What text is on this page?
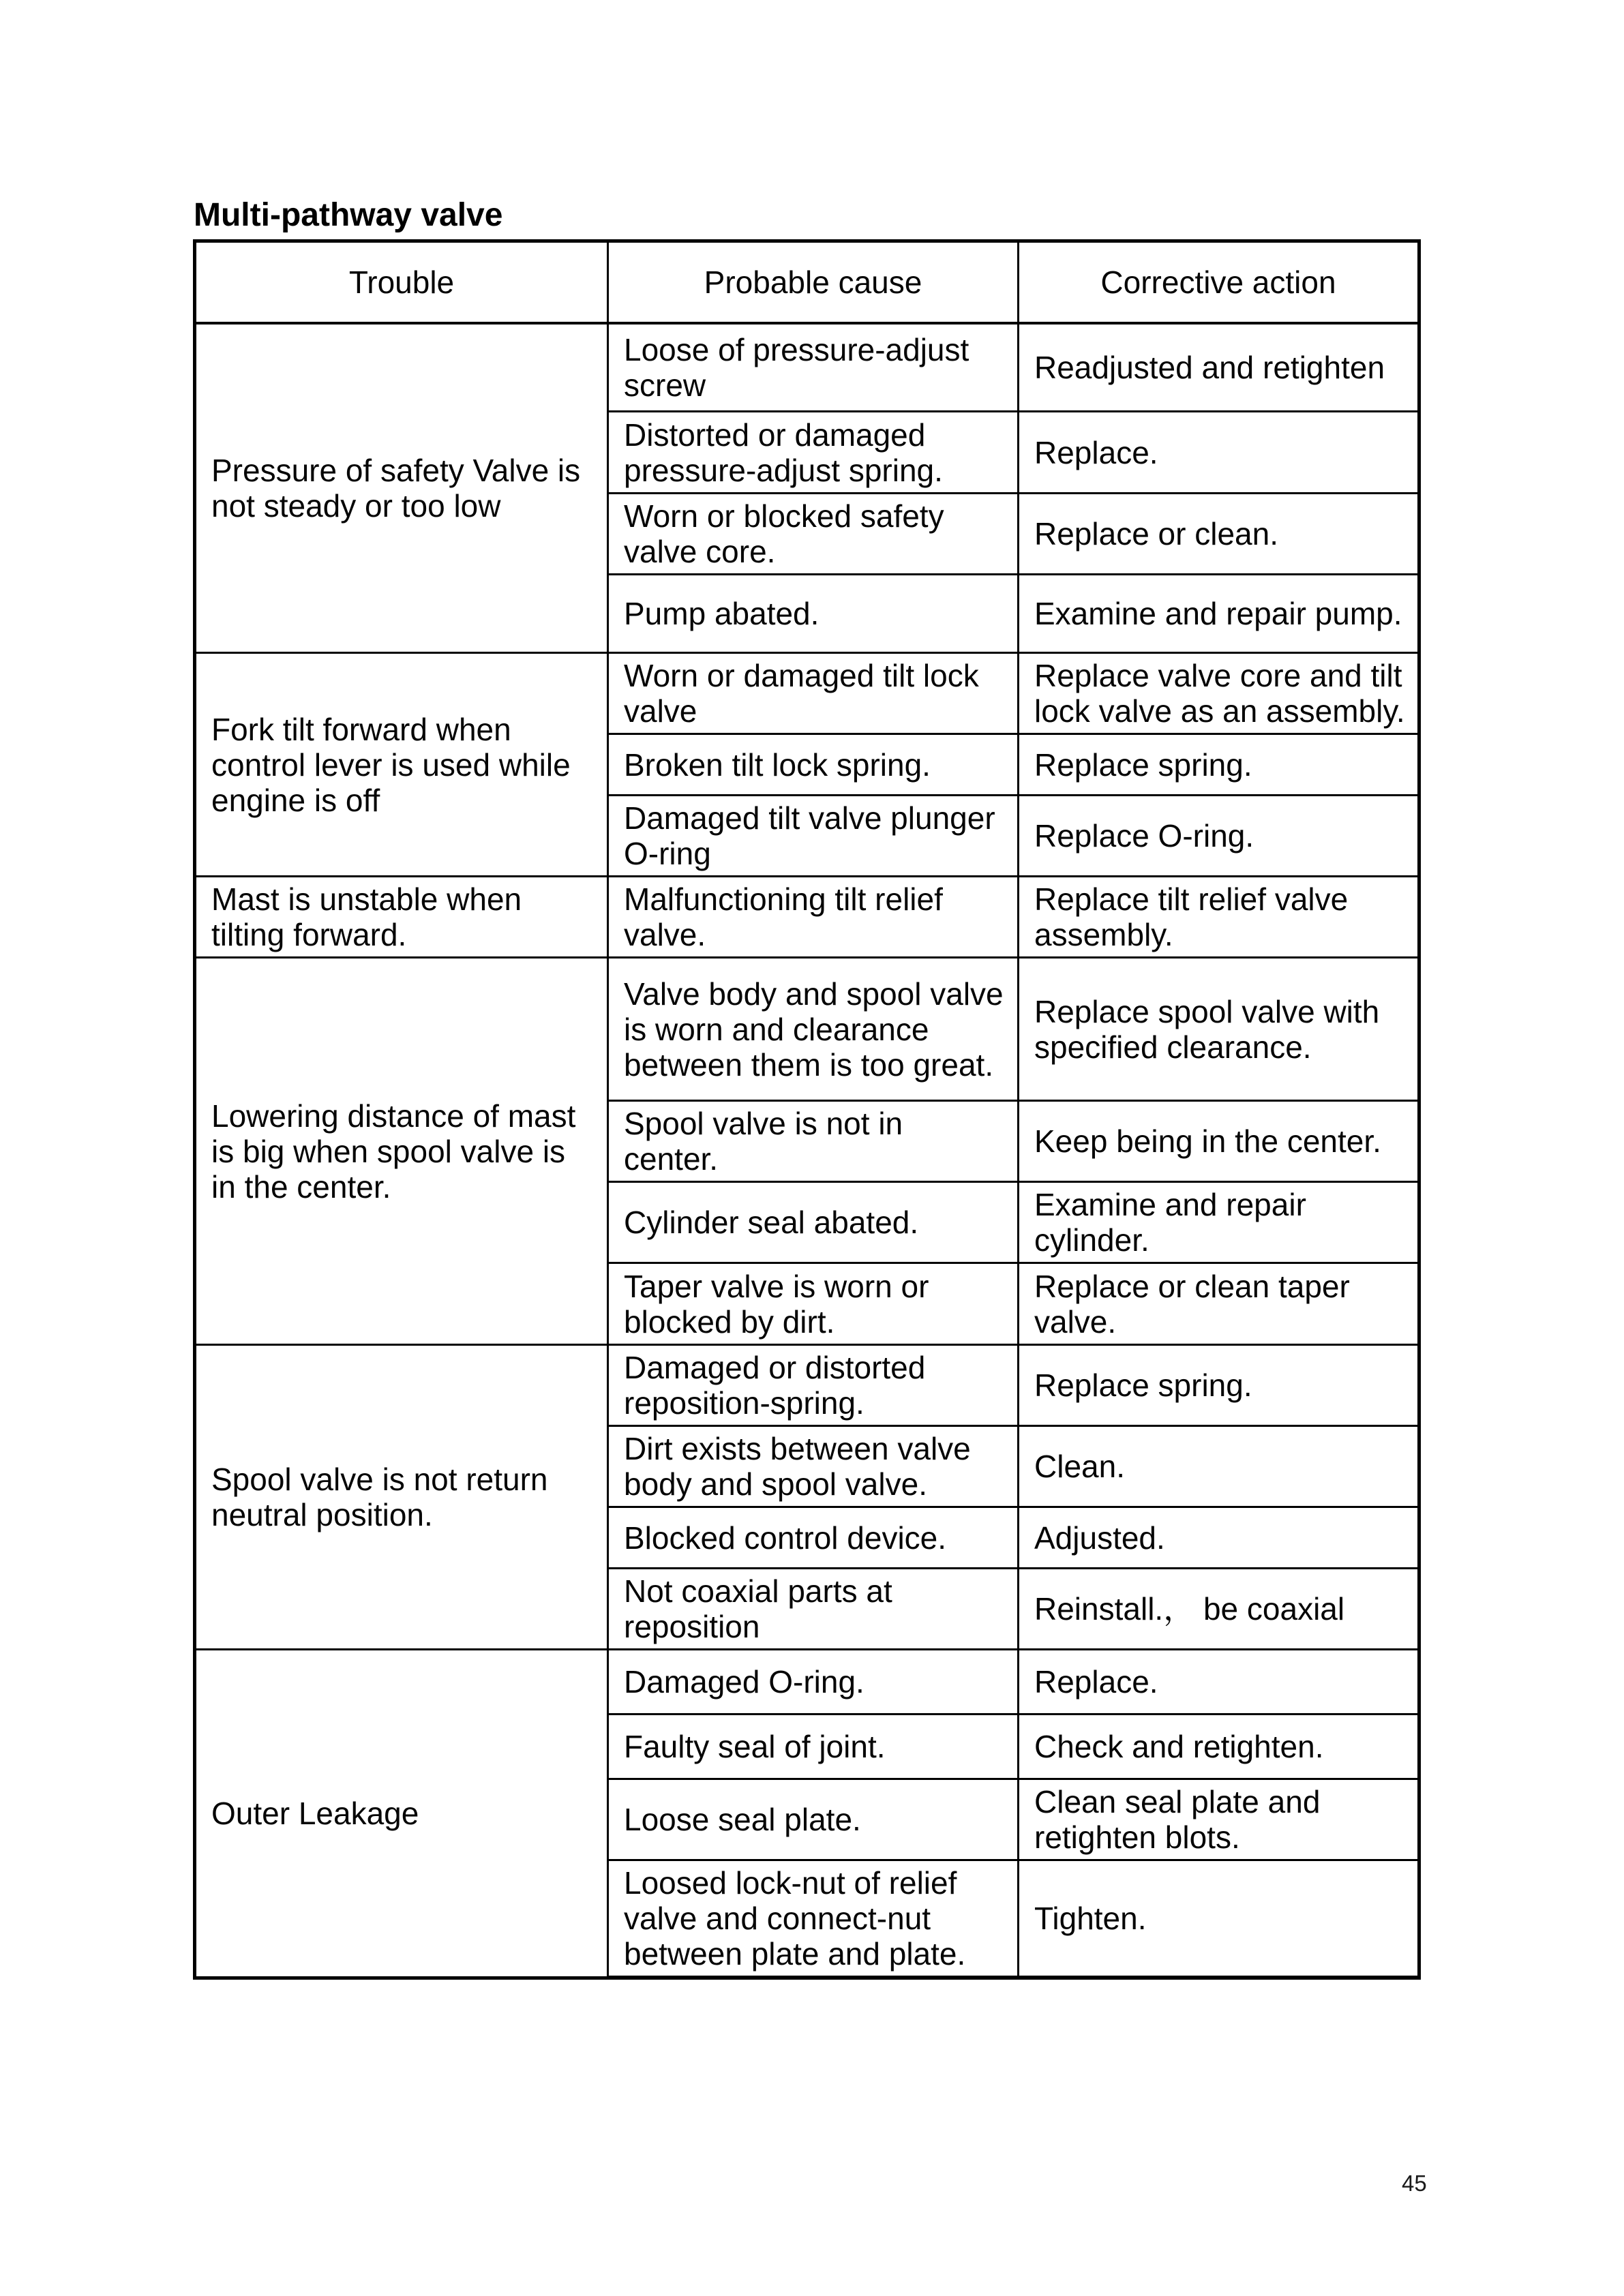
Multi-pathway valve
Trouble	Probable cause	Corrective action
Pressure of safety Valve is not steady or too low	Loose of pressure-adjust screw	Readjusted and retighten
	Distorted or damaged pressure-adjust spring.	Replace.
	Worn or blocked safety valve core.	Replace or clean.
	Pump abated.	Examine and repair pump.
Fork tilt forward when control lever is used while engine is off	Worn or damaged tilt lock valve	Replace valve core and tilt lock valve as an assembly.
	Broken tilt lock spring.	Replace spring.
	Damaged tilt valve plunger O-ring	Replace O-ring.
Mast is unstable when tilting forward.	Malfunctioning tilt relief valve.	Replace tilt relief valve assembly.
Lowering distance of mast is big when spool valve is in the center.	Valve body and spool valve is worn and clearance between them is too great.	Replace spool valve with specified clearance.
	Spool valve is not in center.	Keep being in the center.
	Cylinder seal abated.	Examine and repair cylinder.
	Taper valve is worn or blocked by dirt.	Replace or clean taper valve.
Spool valve is not return neutral position.	Damaged or distorted reposition-spring.	Replace spring.
	Dirt exists between valve body and spool valve.	Clean.
	Blocked control device.	Adjusted.
	Not coaxial parts at reposition	Reinstall.， be coaxial
Outer Leakage	Damaged O-ring.	Replace.
	Faulty seal of joint.	Check and retighten.
	Loose seal plate.	Clean seal plate and retighten blots.
	Loosed lock-nut of relief valve and connect-nut between plate and plate.	Tighten.
45
